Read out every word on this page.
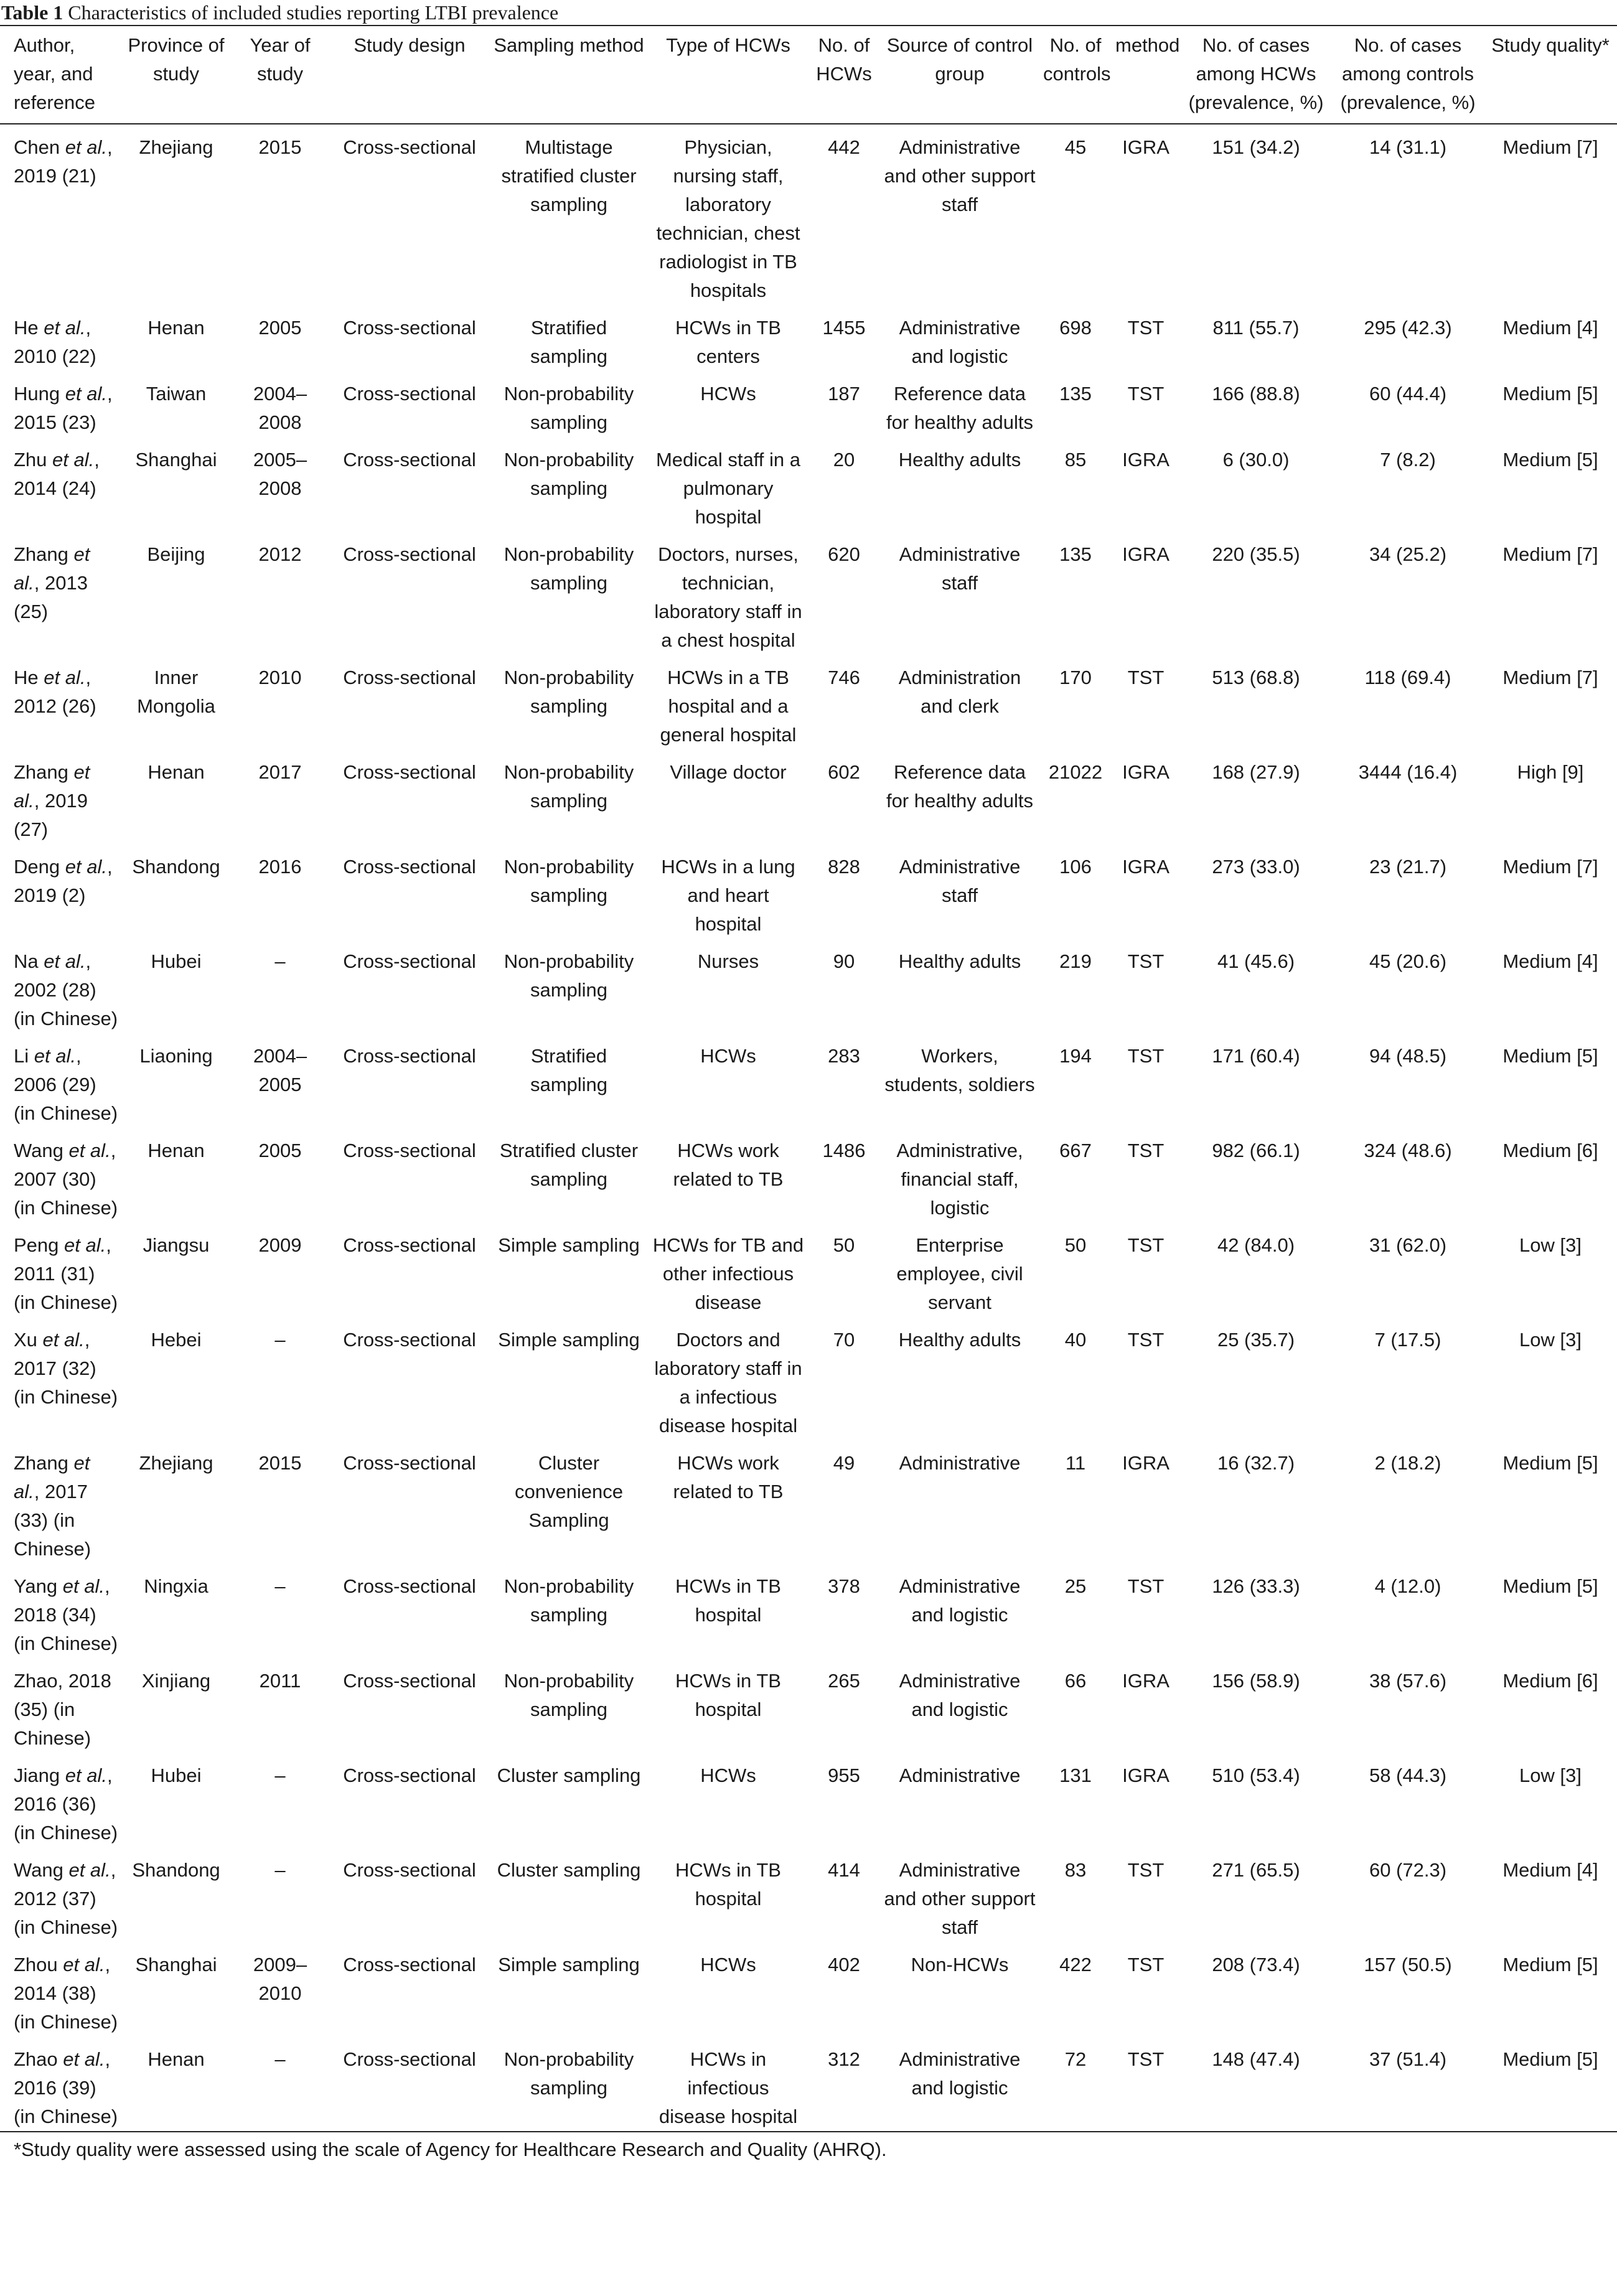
Table 1 Characteristics of included studies reporting LTBI prevalence
Author, year, and reference	Province of study	Year of study	Study design	Sampling method	Type of HCWs	No. of HCWs	Source of control group	No. of controls	method	No. of cases among HCWs (prevalence, %)	No. of cases among controls (prevalence, %)	Study quality*
Chen et al., 2019 (21)	Zhejiang	2015	Cross-sectional	Multistage stratified cluster sampling	Physician, nursing staff, laboratory technician, chest radiologist in TB hospitals	442	Administrative and other support staff	45	IGRA	151 (34.2)	14 (31.1)	Medium [7]
He et al., 2010 (22)	Henan	2005	Cross-sectional	Stratified sampling	HCWs in TB centers	1455	Administrative and logistic	698	TST	811 (55.7)	295 (42.3)	Medium [4]
Hung et al., 2015 (23)	Taiwan	2004–2008	Cross-sectional	Non-probability sampling	HCWs	187	Reference data for healthy adults	135	TST	166 (88.8)	60 (44.4)	Medium [5]
Zhu et al., 2014 (24)	Shanghai	2005–2008	Cross-sectional	Non-probability sampling	Medical staff in a pulmonary hospital	20	Healthy adults	85	IGRA	6 (30.0)	7 (8.2)	Medium [5]
Zhang et al., 2013 (25)	Beijing	2012	Cross-sectional	Non-probability sampling	Doctors, nurses, technician, laboratory staff in a chest hospital	620	Administrative staff	135	IGRA	220 (35.5)	34 (25.2)	Medium [7]
He et al., 2012 (26)	Inner Mongolia	2010	Cross-sectional	Non-probability sampling	HCWs in a TB hospital and a general hospital	746	Administration and clerk	170	TST	513 (68.8)	118 (69.4)	Medium [7]
Zhang et al., 2019 (27)	Henan	2017	Cross-sectional	Non-probability sampling	Village doctor	602	Reference data for healthy adults	21022	IGRA	168 (27.9)	3444 (16.4)	High [9]
Deng et al., 2019 (2)	Shandong	2016	Cross-sectional	Non-probability sampling	HCWs in a lung and heart hospital	828	Administrative staff	106	IGRA	273 (33.0)	23 (21.7)	Medium [7]
Na et al., 2002 (28) (in Chinese)	Hubei	–	Cross-sectional	Non-probability sampling	Nurses	90	Healthy adults	219	TST	41 (45.6)	45 (20.6)	Medium [4]
Li et al., 2006 (29) (in Chinese)	Liaoning	2004–2005	Cross-sectional	Stratified sampling	HCWs	283	Workers, students, soldiers	194	TST	171 (60.4)	94 (48.5)	Medium [5]
Wang et al., 2007 (30) (in Chinese)	Henan	2005	Cross-sectional	Stratified cluster sampling	HCWs work related to TB	1486	Administrative, financial staff, logistic	667	TST	982 (66.1)	324 (48.6)	Medium [6]
Peng et al., 2011 (31) (in Chinese)	Jiangsu	2009	Cross-sectional	Simple sampling	HCWs for TB and other infectious disease	50	Enterprise employee, civil servant	50	TST	42 (84.0)	31 (62.0)	Low [3]
Xu et al., 2017 (32) (in Chinese)	Hebei	–	Cross-sectional	Simple sampling	Doctors and laboratory staff in a infectious disease hospital	70	Healthy adults	40	TST	25 (35.7)	7 (17.5)	Low [3]
Zhang et al., 2017 (33) (in Chinese)	Zhejiang	2015	Cross-sectional	Cluster convenience Sampling	HCWs work related to TB	49	Administrative	11	IGRA	16 (32.7)	2 (18.2)	Medium [5]
Yang et al., 2018 (34) (in Chinese)	Ningxia	–	Cross-sectional	Non-probability sampling	HCWs in TB hospital	378	Administrative and logistic	25	TST	126 (33.3)	4 (12.0)	Medium [5]
Zhao, 2018 (35) (in Chinese)	Xinjiang	2011	Cross-sectional	Non-probability sampling	HCWs in TB hospital	265	Administrative and logistic	66	IGRA	156 (58.9)	38 (57.6)	Medium [6]
Jiang et al., 2016 (36) (in Chinese)	Hubei	–	Cross-sectional	Cluster sampling	HCWs	955	Administrative	131	IGRA	510 (53.4)	58 (44.3)	Low [3]
Wang et al., 2012 (37) (in Chinese)	Shandong	–	Cross-sectional	Cluster sampling	HCWs in TB hospital	414	Administrative and other support staff	83	TST	271 (65.5)	60 (72.3)	Medium [4]
Zhou et al., 2014 (38) (in Chinese)	Shanghai	2009–2010	Cross-sectional	Simple sampling	HCWs	402	Non-HCWs	422	TST	208 (73.4)	157 (50.5)	Medium [5]
Zhao et al., 2016 (39) (in Chinese)	Henan	–	Cross-sectional	Non-probability sampling	HCWs in infectious disease hospital	312	Administrative and logistic	72	TST	148 (47.4)	37 (51.4)	Medium [5]
*Study quality were assessed using the scale of Agency for Healthcare Research and Quality (AHRQ).
